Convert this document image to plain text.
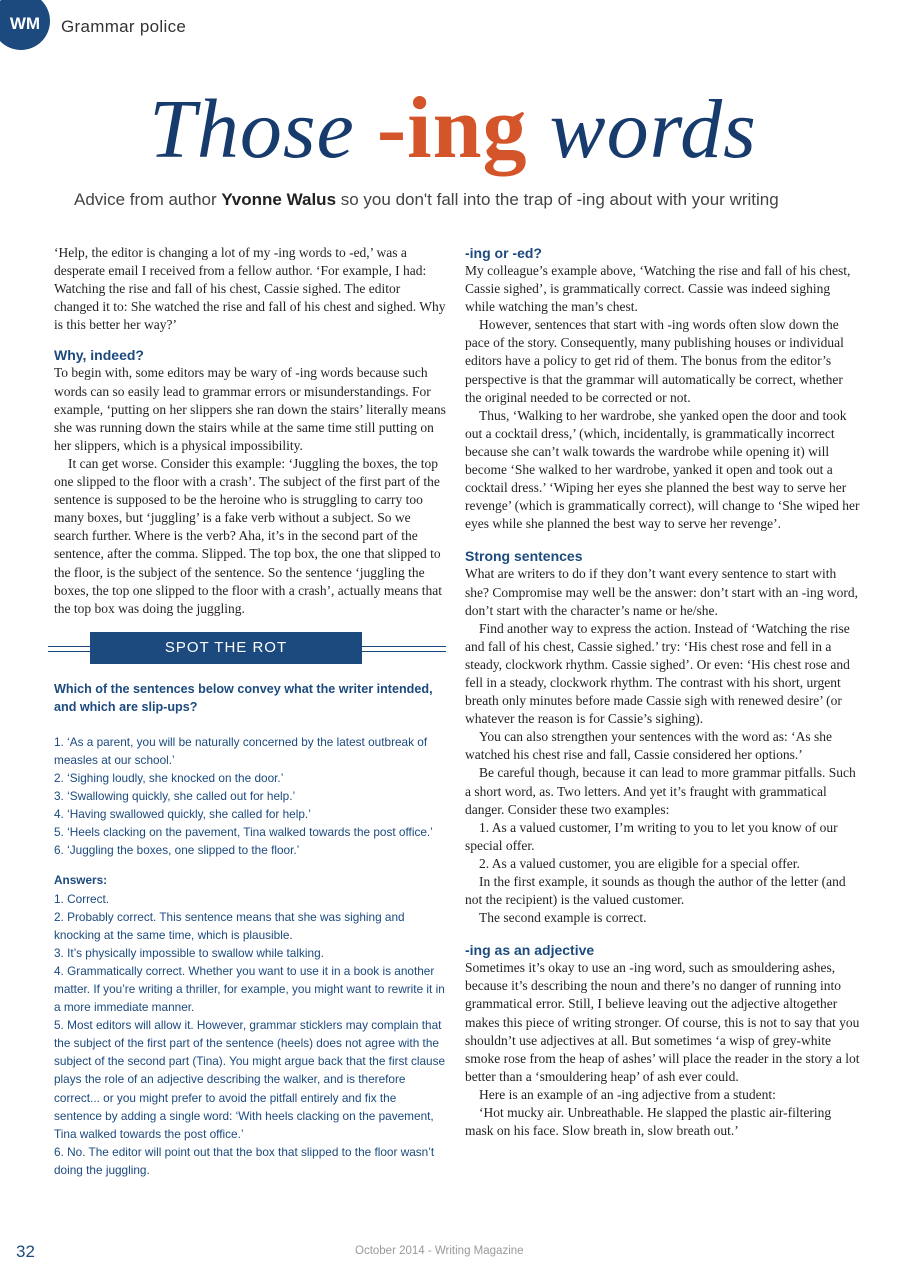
WM Grammar police
Those -ing words
Advice from author Yvonne Walus so you don't fall into the trap of -ing about with your writing

‘Help, the editor is changing a lot of my -ing words to -ed,’ was a desperate email I received from a fellow author. ‘For example, I had: Watching the rise and fall of his chest, Cassie sighed. The editor changed it to: She watched the rise and fall of his chest and sighed. Why is this better her way?’

Why, indeed?

To begin with, some editors may be wary of -ing words because such words can so easily lead to grammar errors or misunderstandings. For example, ‘putting on her slippers she ran down the stairs’ literally means she was running down the stairs while at the same time still putting on her slippers, which is a physical impossibility.

It can get worse. Consider this example: ‘Juggling the boxes, the top one slipped to the floor with a crash’. The subject of the first part of the sentence is supposed to be the heroine who is struggling to carry too many boxes, but ‘juggling’ is a fake verb without a subject. So we search further. Where is the verb? Aha, it’s in the second part of the sentence, after the comma. Slipped. The top box, the one that slipped to the floor, is the subject of the sentence. So the sentence ‘juggling the boxes, the top one slipped to the floor with a crash’, actually means that the top box was doing the juggling.

SPOT THE ROT
Which of the sentences below convey what the writer intended, and which are slip-ups?
1. ‘As a parent, you will be naturally concerned by the latest outbreak of measles at our school.’
2. ‘Sighing loudly, she knocked on the door.’
3. ‘Swallowing quickly, she called out for help.’
4. ‘Having swallowed quickly, she called for help.’
5. ‘Heels clacking on the pavement, Tina walked towards the post office.’
6. ‘Juggling the boxes, one slipped to the floor.’
Answers:
1. Correct.
2. Probably correct. This sentence means that she was sighing and knocking at the same time, which is plausible.
3. It’s physically impossible to swallow while talking.
4. Grammatically correct. Whether you want to use it in a book is another matter. If you’re writing a thriller, for example, you might want to rewrite it in a more immediate manner.
5. Most editors will allow it. However, grammar sticklers may complain that the subject of the first part of the sentence (heels) does not agree with the subject of the second part (Tina). You might argue back that the first clause plays the role of an adjective describing the walker, and is therefore correct... or you might prefer to avoid the pitfall entirely and fix the sentence by adding a single word: ‘With heels clacking on the pavement, Tina walked towards the post office.’
6. No. The editor will point out that the box that slipped to the floor wasn’t doing the juggling.
-ing or -ed?

My colleague’s example above, ‘Watching the rise and fall of his chest, Cassie sighed’, is grammatically correct. Cassie was indeed sighing while watching the man’s chest.

However, sentences that start with -ing words often slow down the pace of the story. Consequently, many publishing houses or individual editors have a policy to get rid of them. The bonus from the editor’s perspective is that the grammar will automatically be correct, whether the original needed to be corrected or not.

Thus, ‘Walking to her wardrobe, she yanked open the door and took out a cocktail dress,’ (which, incidentally, is grammatically incorrect because she can’t walk towards the wardrobe while opening it) will become ‘She walked to her wardrobe, yanked it open and took out a cocktail dress.’ ‘Wiping her eyes she planned the best way to serve her revenge’ (which is grammatically correct), will change to ‘She wiped her eyes while she planned the best way to serve her revenge’.

Strong sentences

What are writers to do if they don’t want every sentence to start with she? Compromise may well be the answer: don’t start with an -ing word, don’t start with the character’s name or he/she.

Find another way to express the action. Instead of ‘Watching the rise and fall of his chest, Cassie sighed.’ try: ‘His chest rose and fell in a steady, clockwork rhythm. Cassie sighed’. Or even: ‘His chest rose and fell in a steady, clockwork rhythm. The contrast with his short, urgent breath only minutes before made Cassie sigh with renewed desire’ (or whatever the reason is for Cassie’s sighing).

You can also strengthen your sentences with the word as: ‘As she watched his chest rise and fall, Cassie considered her options.’

Be careful though, because it can lead to more grammar pitfalls. Such a short word, as. Two letters. And yet it’s fraught with grammatical danger. Consider these two examples:

1. As a valued customer, I’m writing to you to let you know of our special offer.

2. As a valued customer, you are eligible for a special offer.

In the first example, it sounds as though the author of the letter (and not the recipient) is the valued customer.

The second example is correct.

-ing as an adjective

Sometimes it’s okay to use an -ing word, such as smouldering ashes, because it’s describing the noun and there’s no danger of running into grammatical error. Still, I believe leaving out the adjective altogether makes this piece of writing stronger. Of course, this is not to say that you shouldn’t use adjectives at all. But sometimes ‘a wisp of grey-white smoke rose from the heap of ashes’ will place the reader in the story a lot better than a ‘smouldering heap’ of ash ever could.

Here is an example of an -ing adjective from a student:

‘Hot mucky air. Unbreathable. He slapped the plastic air-filtering mask on his face. Slow breath in, slow breath out.’

32	October 2014 - Writing Magazine
